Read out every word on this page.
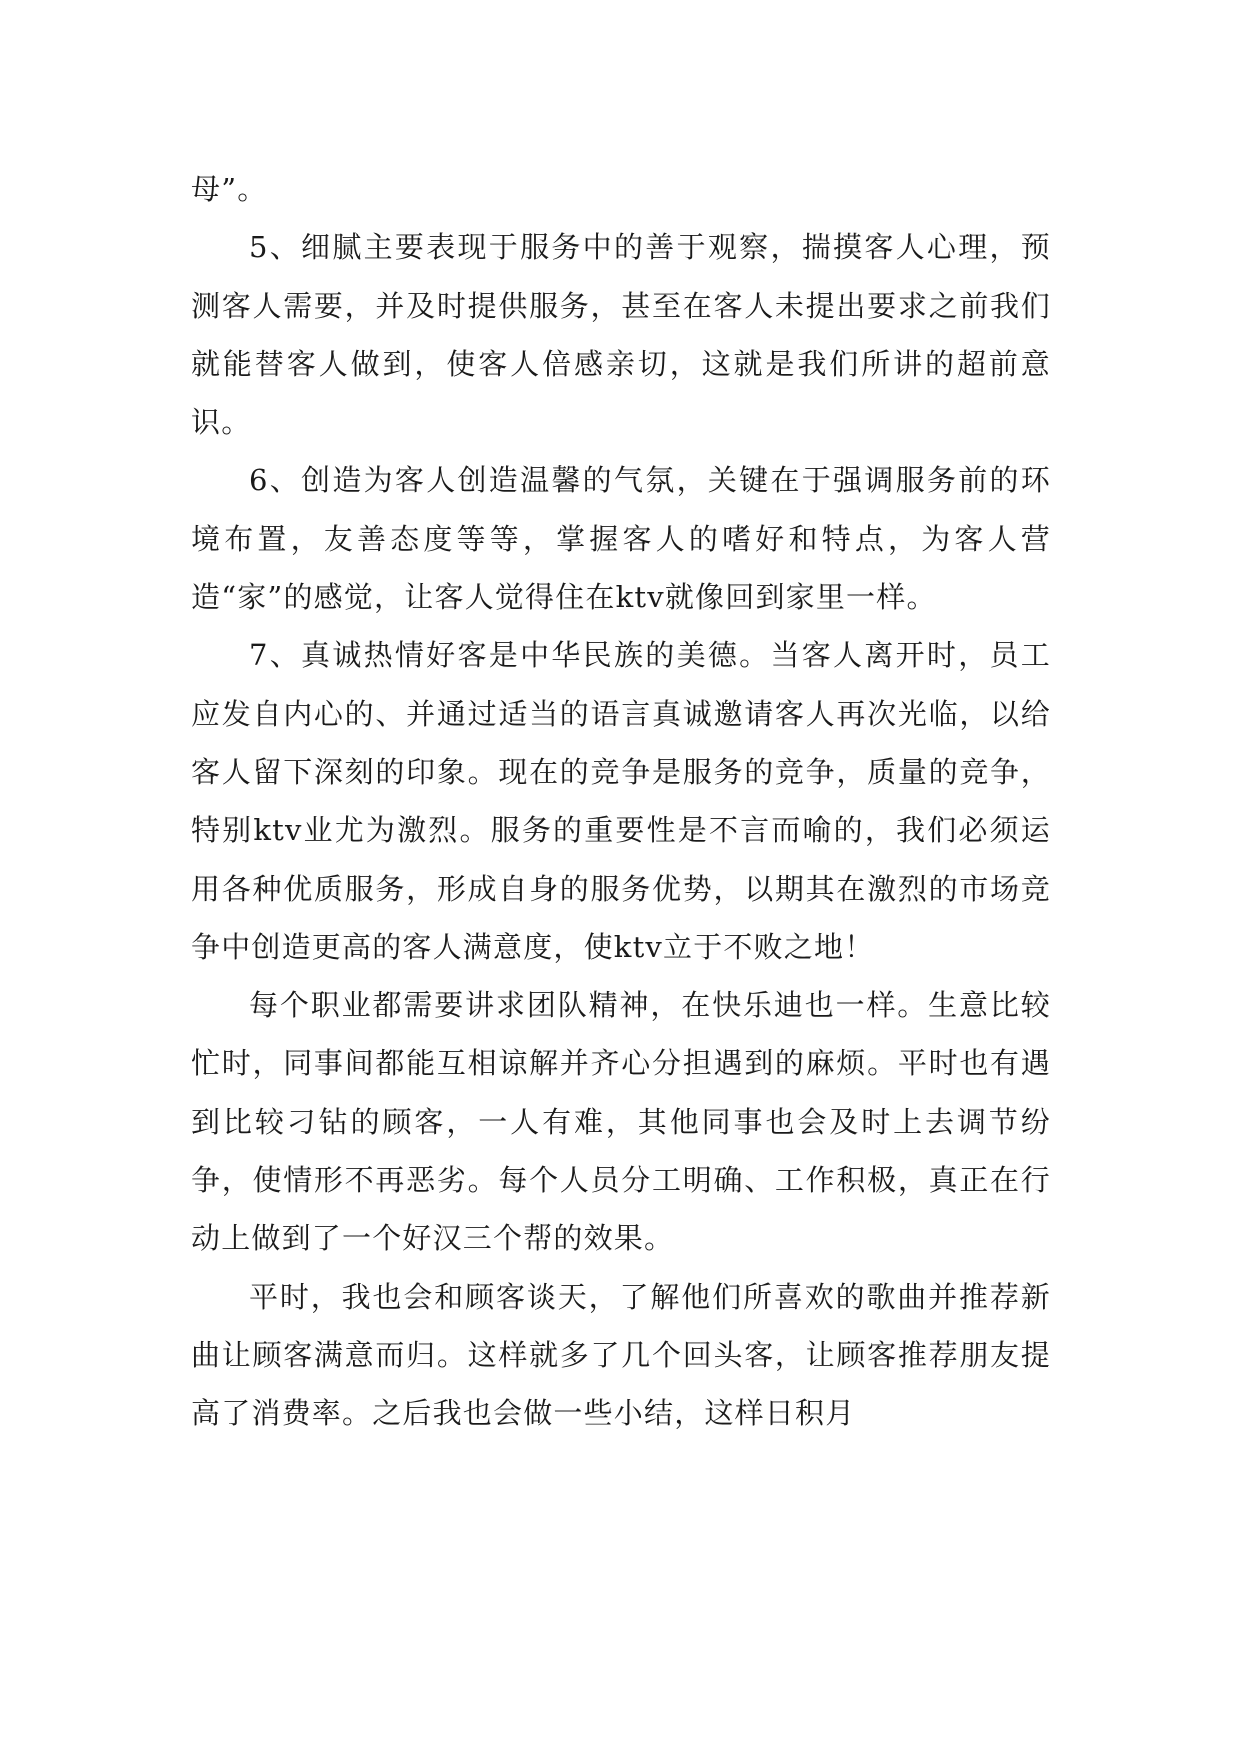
母”。

5、细腻主要表现于服务中的善于观察，揣摸客人心理，预测客人需要，并及时提供服务，甚至在客人未提出要求之前我们就能替客人做到，使客人倍感亲切，这就是我们所讲的超前意识。

6、创造为客人创造温馨的气氛，关键在于强调服务前的环境布置，友善态度等等，掌握客人的嗜好和特点，为客人营造“家”的感觉，让客人觉得住在ktv就像回到家里一样。

7、真诚热情好客是中华民族的美德。当客人离开时，员工应发自内心的、并通过适当的语言真诚邀请客人再次光临，以给客人留下深刻的印象。现在的竞争是服务的竞争，质量的竞争，特别ktv业尤为激烈。服务的重要性是不言而喻的，我们必须运用各种优质服务，形成自身的服务优势，以期其在激烈的市场竞争中创造更高的客人满意度，使ktv立于不败之地！

每个职业都需要讲求团队精神，在快乐迪也一样。生意比较忙时，同事间都能互相谅解并齐心分担遇到的麻烦。平时也有遇到比较刁钻的顾客，一人有难，其他同事也会及时上去调节纷争，使情形不再恶劣。每个人员分工明确、工作积极，真正在行动上做到了一个好汉三个帮的效果。

平时，我也会和顾客谈天，了解他们所喜欢的歌曲并推荐新曲让顾客满意而归。这样就多了几个回头客，让顾客推荐朋友提高了消费率。之后我也会做一些小结，这样日积月
